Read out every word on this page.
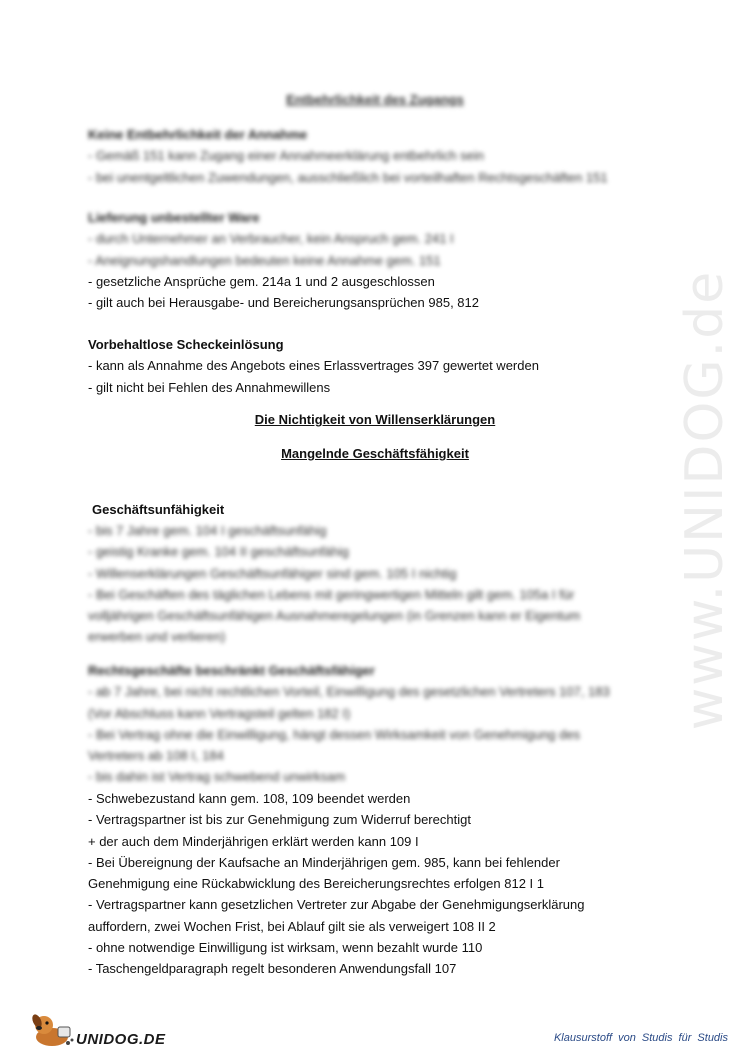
www.UNIDOG.de
Entbehrlichkeit des Zugangs
Keine Entbehrlichkeit der Annahme
- Gemäß 151 kann Zugang einer Annahmeerklärung entbehrlich sein
- bei unentgeltlichen Zuwendungen, ausschließlich bei vorteilhaften Rechtsgeschäften 151
Lieferung unbestellter Ware
- durch Unternehmer an Verbraucher, kein Anspruch gem. 241 I
- Aneignungshandlungen bedeuten keine Annahme gem. 151
- gesetzliche Ansprüche gem. 214a 1 und 2 ausgeschlossen
- gilt auch bei Herausgabe- und Bereicherungsansprüchen 985, 812
Vorbehaltlose Scheckeinlösung
- kann als Annahme des Angebots eines Erlassvertrages 397 gewertet werden
- gilt nicht bei Fehlen des Annahmewillens
Die Nichtigkeit von Willenserklärungen
Mangelnde Geschäftsfähigkeit
Geschäftsunfähigkeit
- bis 7 Jahre gem. 104 I geschäftsunfähig
- geistig Kranke gem. 104 II geschäftsunfähig
- Willenserklärungen Geschäftsunfähiger sind gem. 105 I nichtig
- Bei Geschäften des täglichen Lebens mit geringwertigen Mitteln gilt gem. 105a I für
volljährigen Geschäftsunfähigen Ausnahmeregelungen (in Grenzen kann er Eigentum
erwerben und verlieren)
Rechtsgeschäfte beschränkt Geschäftsfähiger
- ab 7 Jahre, bei nicht rechtlichen Vorteil, Einwilligung des gesetzlichen Vertreters 107, 183
(Vor Abschluss kann Vertragsteil gelten 182 I)
- Bei Vertrag ohne die Einwilligung, hängt dessen Wirksamkeit von Genehmigung des
Vertreters ab 108 I, 184
- bis dahin ist Vertrag schwebend unwirksam
- Schwebezustand kann gem. 108, 109 beendet werden
- Vertragspartner ist bis zur Genehmigung zum Widerruf berechtigt
+ der auch dem Minderjährigen erklärt werden kann 109 I
- Bei Übereignung der Kaufsache an Minderjährigen gem. 985, kann bei fehlender
Genehmigung eine Rückabwicklung des Bereicherungsrechtes erfolgen 812 I 1
- Vertragspartner kann gesetzlichen Vertreter zur Abgabe der Genehmigungserklärung
auffordern, zwei Wochen Frist, bei Ablauf gilt sie als verweigert 108 II 2
- ohne notwendige Einwilligung ist wirksam, wenn bezahlt wurde 110
- Taschengeldparagraph regelt besonderen Anwendungsfall 107
UNIDOG.DE	Klausurstoff von Studis für Studis
